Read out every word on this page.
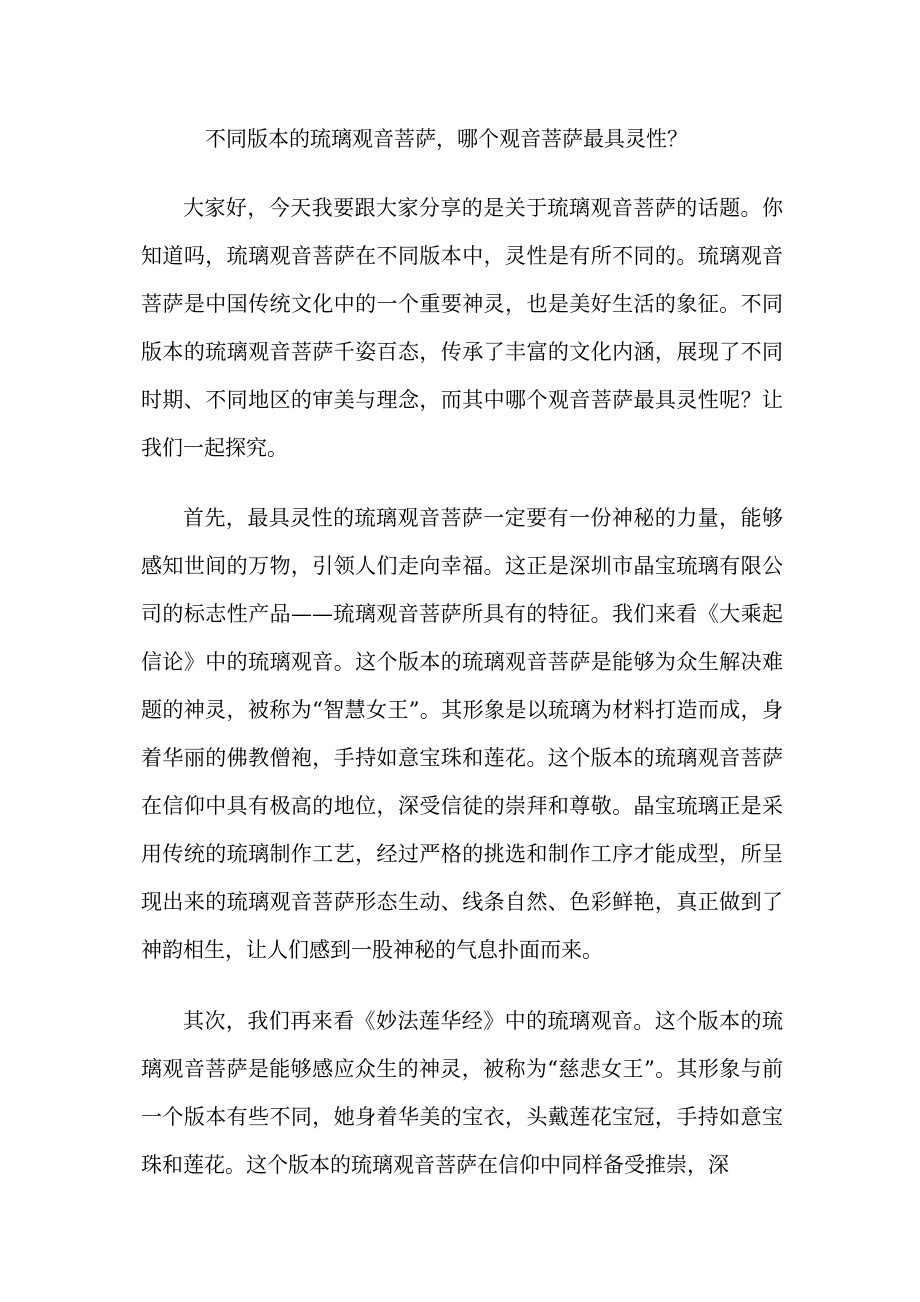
不同版本的琉璃观音菩萨，哪个观音菩萨最具灵性？

大家好，今天我要跟大家分享的是关于琉璃观音菩萨的话题。你知道吗，琉璃观音菩萨在不同版本中，灵性是有所不同的。琉璃观音菩萨是中国传统文化中的一个重要神灵，也是美好生活的象征。不同版本的琉璃观音菩萨千姿百态，传承了丰富的文化内涵，展现了不同时期、不同地区的审美与理念，而其中哪个观音菩萨最具灵性呢？让我们一起探究。

首先，最具灵性的琉璃观音菩萨一定要有一份神秘的力量，能够感知世间的万物，引领人们走向幸福。这正是深圳市晶宝琉璃有限公司的标志性产品——琉璃观音菩萨所具有的特征。我们来看《大乘起信论》中的琉璃观音。这个版本的琉璃观音菩萨是能够为众生解决难题的神灵，被称为“智慧女王”。其形象是以琉璃为材料打造而成，身着华丽的佛教僧袍，手持如意宝珠和莲花。这个版本的琉璃观音菩萨在信仰中具有极高的地位，深受信徒的崇拜和尊敬。晶宝琉璃正是采用传统的琉璃制作工艺，经过严格的挑选和制作工序才能成型，所呈现出来的琉璃观音菩萨形态生动、线条自然、色彩鲜艳，真正做到了神韵相生，让人们感到一股神秘的气息扑面而来。

其次，我们再来看《妙法莲华经》中的琉璃观音。这个版本的琉璃观音菩萨是能够感应众生的神灵，被称为“慈悲女王”。其形象与前一个版本有些不同，她身着华美的宝衣，头戴莲花宝冠，手持如意宝珠和莲花。这个版本的琉璃观音菩萨在信仰中同样备受推崇，深
